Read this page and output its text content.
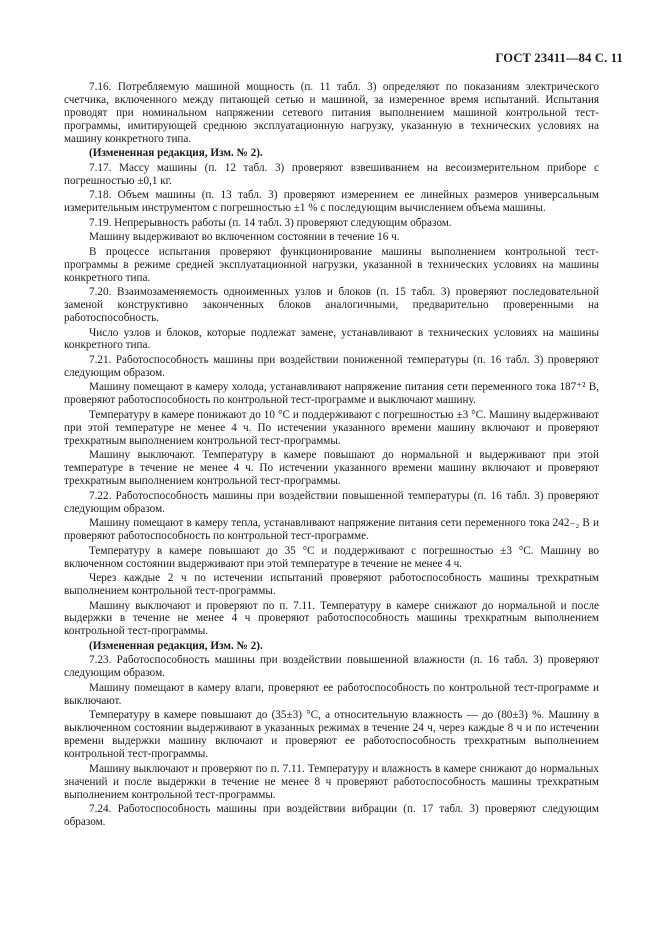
ГОСТ 23411—84 С. 11

7.16. Потребляемую машиной мощность (п. 11 табл. 3) определяют по показаниям электрического счетчика, включенного между питающей сетью и машиной, за измеренное время испытаний. Испытания проводят при номинальном напряжении сетевого питания выполнением машиной контрольной тест-программы, имитирующей среднюю эксплуатационную нагрузку, указанную в технических условиях на машину конкретного типа.

(Измененная редакция, Изм. № 2).

7.17. Массу машины (п. 12 табл. 3) проверяют взвешиванием на весоизмерительном приборе с погрешностью ±0,1 кг.

7.18. Объем машины (п. 13 табл. 3) проверяют измерением ее линейных размеров универсальным измерительным инструментом с погрешностью ±1 % с последующим вычислением объема машины.

7.19. Непрерывность работы (п. 14 табл. 3) проверяют следующим образом.

Машину выдерживают во включенном состоянии в течение 16 ч.

В процессе испытания проверяют функционирование машины выполнением контрольной тест-программы в режиме средней эксплуатационной нагрузки, указанной в технических условиях на машины конкретного типа.

7.20. Взаимозаменяемость одноименных узлов и блоков (п. 15 табл. 3) проверяют последовательной заменой конструктивно законченных блоков аналогичными, предварительно проверенными на работоспособность.

Число узлов и блоков, которые подлежат замене, устанавливают в технических условиях на машины конкретного типа.

7.21. Работоспособность машины при воздействии пониженной температуры (п. 16 табл. 3) проверяют следующим образом.

Машину помещают в камеру холода, устанавливают напряжение питания сети переменного тока 187⁺² В, проверяют работоспособность по контрольной тест-программе и выключают машину.

Температуру в камере понижают до 10 °С и поддерживают с погрешностью ±3 °С. Машину выдерживают при этой температуре не менее 4 ч. По истечении указанного времени машину включают и проверяют трехкратным выполнением контрольной тест-программы.

Машину выключают. Температуру в камере повышают до нормальной и выдерживают при этой температуре в течение не менее 4 ч. По истечении указанного времени машину включают и проверяют трехкратным выполнением контрольной тест-программы.

7.22. Работоспособность машины при воздействии повышенной температуры (п. 16 табл. 3) проверяют следующим образом.

Машину помещают в камеру тепла, устанавливают напряжение питания сети переменного тока 242₋₂ В и проверяют работоспособность по контрольной тест-программе.

Температуру в камере повышают до 35 °С и поддерживают с погрешностью ±3 °С. Машину во включенном состоянии выдерживают при этой температуре в течение не менее 4 ч.

Через каждые 2 ч по истечении испытаний проверяют работоспособность машины трехкратным выполнением контрольной тест-программы.

Машину выключают и проверяют по п. 7.11. Температуру в камере снижают до нормальной и после выдержки в течение не менее 4 ч проверяют работоспособность машины трехкратным выполнением контрольной тест-программы.

(Измененная редакция, Изм. № 2).

7.23. Работоспособность машины при воздействии повышенной влажности (п. 16 табл. 3) проверяют следующим образом.

Машину помещают в камеру влаги, проверяют ее работоспособность по контрольной тест-программе и выключают.

Температуру в камере повышают до (35±3) °С, а относительную влажность — до (80±3) %. Машину в выключенном состоянии выдерживают в указанных режимах в течение 24 ч, через каждые 8 ч и по истечении времени выдержки машину включают и проверяют ее работоспособность трехкратным выполнением контрольной тест-программы.

Машину выключают и проверяют по п. 7.11. Температуру и влажность в камере снижают до нормальных значений и после выдержки в течение не менее 8 ч проверяют работоспособность машины трехкратным выполнением контрольной тест-программы.

7.24. Работоспособность машины при воздействии вибрации (п. 17 табл. 3) проверяют следующим образом.
